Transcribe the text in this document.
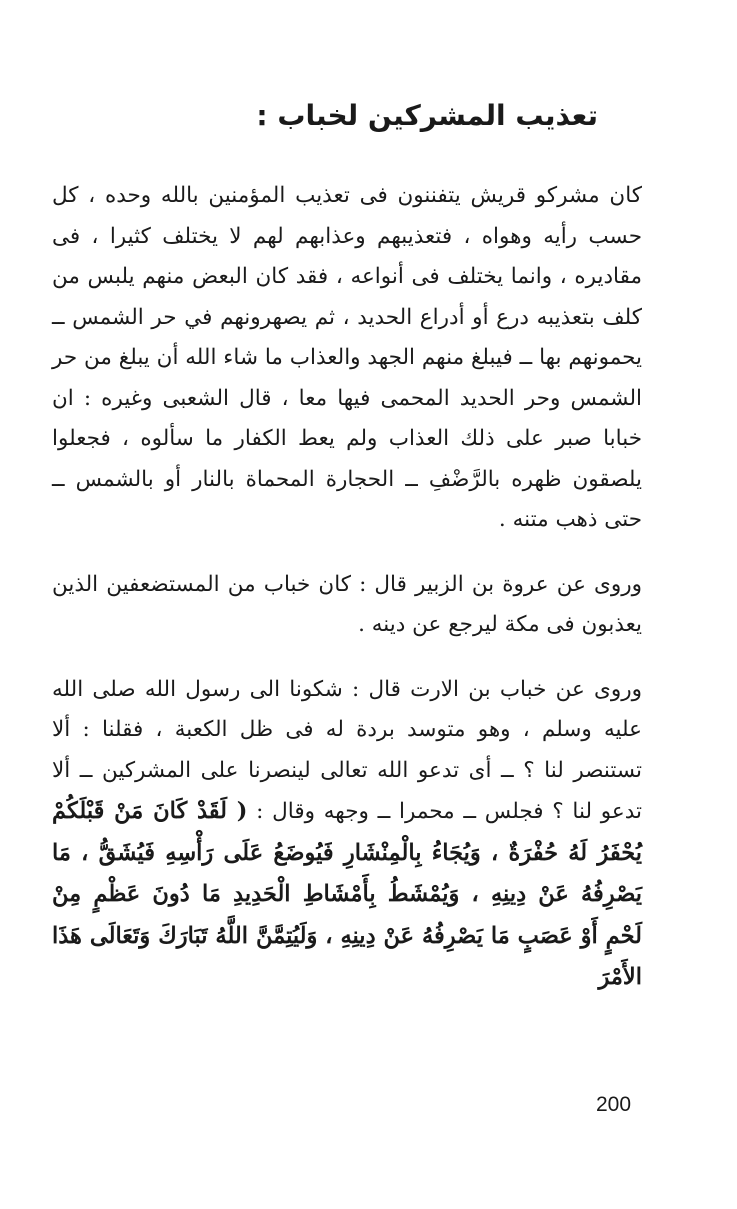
تعذيب المشركين لخباب :

كان مشركو قريش يتفننون فى تعذيب المؤمنين بالله وحده ، كل حسب رأيه وهواه ، فتعذيبهم وعذابهم لهم لا يختلف كثيرا ، فى مقاديره ، وانما يختلف فى أنواعه ، فقد كان البعض منهم يلبس من كلف بتعذيبه درع أو أدراع الحديد ، ثم يصهرونهم في حر الشمس ــ يحمونهم بها ــ فيبلغ منهم الجهد والعذاب ما شاء الله أن يبلغ من حر الشمس وحر الحديد المحمى فيها معا ، قال الشعبى وغيره : ان خبابا صبر على ذلك العذاب ولم يعط الكفار ما سألوه ، فجعلوا يلصقون ظهره بالرَّضْفِ ــ الحجارة المحماة بالنار أو بالشمس ــ حتى ذهب متنه .

وروى عن عروة بن الزبير قال : كان خباب من المستضعفين الذين يعذبون فى مكة ليرجع عن دينه .

وروى عن خباب بن الارت قال : شكونا الى رسول الله صلى الله عليه وسلم ، وهو متوسد بردة له فى ظل الكعبة ، فقلنا : ألا تستنصر لنا ؟ ــ أى تدعو الله تعالى لينصرنا على المشركين ــ ألا تدعو لنا ؟ فجلس ــ محمرا ــ وجهه وقال : ( لَقَدْ كَانَ مَنْ قَبْلَكُمْ يُحْفَرُ لَهُ حُفْرَةٌ ، وَيُجَاءُ بِالْمِنْشَارِ فَيُوضَعُ عَلَى رَأْسِهِ فَيُشَقُّ ، مَا يَصْرِفُهُ عَنْ دِينِهِ ، وَيُمْشَطُ بِأَمْشَاطِ الْحَدِيدِ مَا دُونَ عَظْمٍ مِنْ لَحْمٍ أَوْ عَصَبٍ مَا يَصْرِفُهُ عَنْ دِينِهِ ، وَلَيُتِمَّنَّ اللَّهُ تَبَارَكَ وَتَعَالَى هَذَا الأَمْرَ

200
